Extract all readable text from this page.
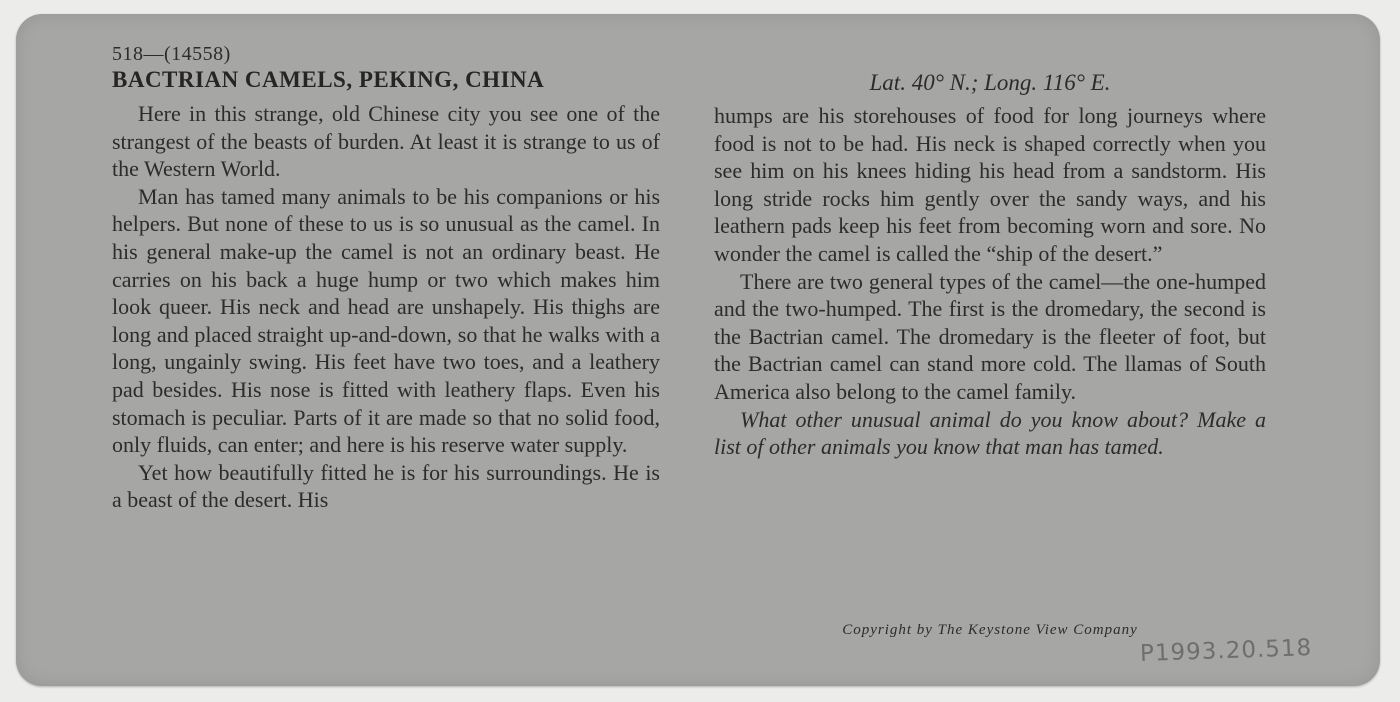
518—(14558)

BACTRIAN CAMELS, PEKING, CHINA

Here in this strange, old Chinese city you see one of the strangest of the beasts of burden. At least it is strange to us of the Western World.

Man has tamed many animals to be his companions or his helpers. But none of these to us is so unusual as the camel. In his general make-up the camel is not an ordinary beast. He carries on his back a huge hump or two which makes him look queer. His neck and head are unshapely. His thighs are long and placed straight up-and-down, so that he walks with a long, ungainly swing. His feet have two toes, and a leathery pad besides. His nose is fitted with leathery flaps. Even his stomach is peculiar. Parts of it are made so that no solid food, only fluids, can enter; and here is his reserve water supply.

Yet how beautifully fitted he is for his surroundings. He is a beast of the desert. His

Lat. 40° N.; Long. 116° E.

humps are his storehouses of food for long journeys where food is not to be had. His neck is shaped correctly when you see him on his knees hiding his head from a sandstorm. His long stride rocks him gently over the sandy ways, and his leathern pads keep his feet from becoming worn and sore. No wonder the camel is called the “ship of the desert.”

There are two general types of the camel—the one-humped and the two-humped. The first is the dromedary, the second is the Bactrian camel. The dromedary is the fleeter of foot, but the Bactrian camel can stand more cold. The llamas of South America also belong to the camel family.

What other unusual animal do you know about? Make a list of other animals you know that man has tamed.

Copyright by The Keystone View Company

P1993.20.518
